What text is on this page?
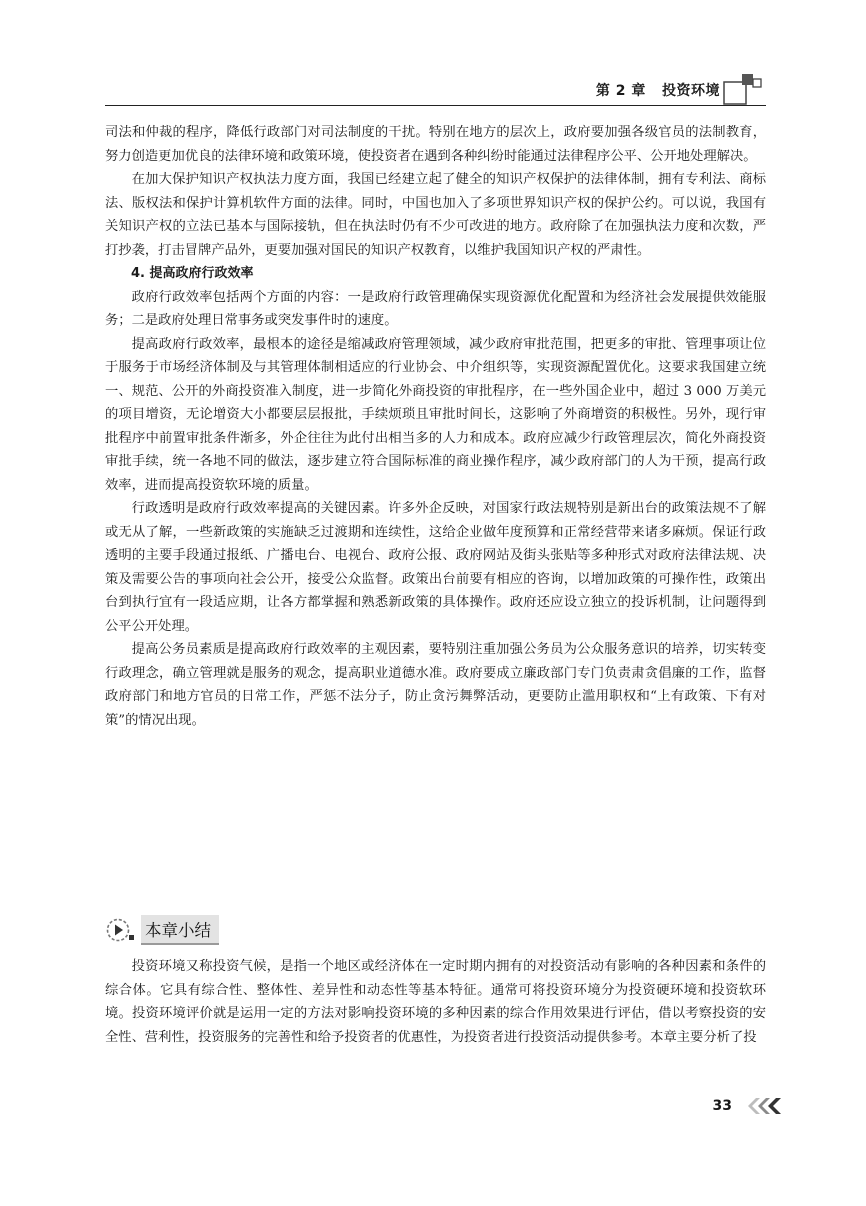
第 2 章 投资环境

司法和仲裁的程序，降低行政部门对司法制度的干扰。特别在地方的层次上，政府要加强各级官员的法制教育，努力创造更加优良的法律环境和政策环境，使投资者在遇到各种纠纷时能通过法律程序公平、公开地处理解决。

在加大保护知识产权执法力度方面，我国已经建立起了健全的知识产权保护的法律体制，拥有专利法、商标法、版权法和保护计算机软件方面的法律。同时，中国也加入了多项世界知识产权的保护公约。可以说，我国有关知识产权的立法已基本与国际接轨，但在执法时仍有不少可改进的地方。政府除了在加强执法力度和次数，严打抄袭，打击冒牌产品外，更要加强对国民的知识产权教育，以维护我国知识产权的严肃性。

4. 提高政府行政效率

政府行政效率包括两个方面的内容：一是政府行政管理确保实现资源优化配置和为经济社会发展提供效能服务；二是政府处理日常事务或突发事件时的速度。

提高政府行政效率，最根本的途径是缩减政府管理领域，减少政府审批范围，把更多的审批、管理事项让位于服务于市场经济体制及与其管理体制相适应的行业协会、中介组织等，实现资源配置优化。这要求我国建立统一、规范、公开的外商投资准入制度，进一步简化外商投资的审批程序，在一些外国企业中，超过 3 000 万美元的项目增资，无论增资大小都要层层报批，手续烦琐且审批时间长，这影响了外商增资的积极性。另外，现行审批程序中前置审批条件渐多，外企往往为此付出相当多的人力和成本。政府应减少行政管理层次，简化外商投资审批手续，统一各地不同的做法，逐步建立符合国际标准的商业操作程序，减少政府部门的人为干预，提高行政效率，进而提高投资软环境的质量。

行政透明是政府行政效率提高的关键因素。许多外企反映，对国家行政法规特别是新出台的政策法规不了解或无从了解，一些新政策的实施缺乏过渡期和连续性，这给企业做年度预算和正常经营带来诸多麻烦。保证行政透明的主要手段通过报纸、广播电台、电视台、政府公报、政府网站及街头张贴等多种形式对政府法律法规、决策及需要公告的事项向社会公开，接受公众监督。政策出台前要有相应的咨询，以增加政策的可操作性，政策出台到执行宜有一段适应期，让各方都掌握和熟悉新政策的具体操作。政府还应设立独立的投诉机制，让问题得到公平公开处理。

提高公务员素质是提高政府行政效率的主观因素，要特别注重加强公务员为公众服务意识的培养，切实转变行政理念，确立管理就是服务的观念，提高职业道德水准。政府要成立廉政部门专门负责肃贪倡廉的工作，监督政府部门和地方官员的日常工作，严惩不法分子，防止贪污舞弊活动，更要防止滥用职权和“上有政策、下有对策”的情况出现。

本章小结

投资环境又称投资气候，是指一个地区或经济体在一定时期内拥有的对投资活动有影响的各种因素和条件的综合体。它具有综合性、整体性、差异性和动态性等基本特征。通常可将投资环境分为投资硬环境和投资软环境。投资环境评价就是运用一定的方法对影响投资环境的多种因素的综合作用效果进行评估，借以考察投资的安全性、营利性，投资服务的完善性和给予投资者的优惠性，为投资者进行投资活动提供参考。本章主要分析了投

33
